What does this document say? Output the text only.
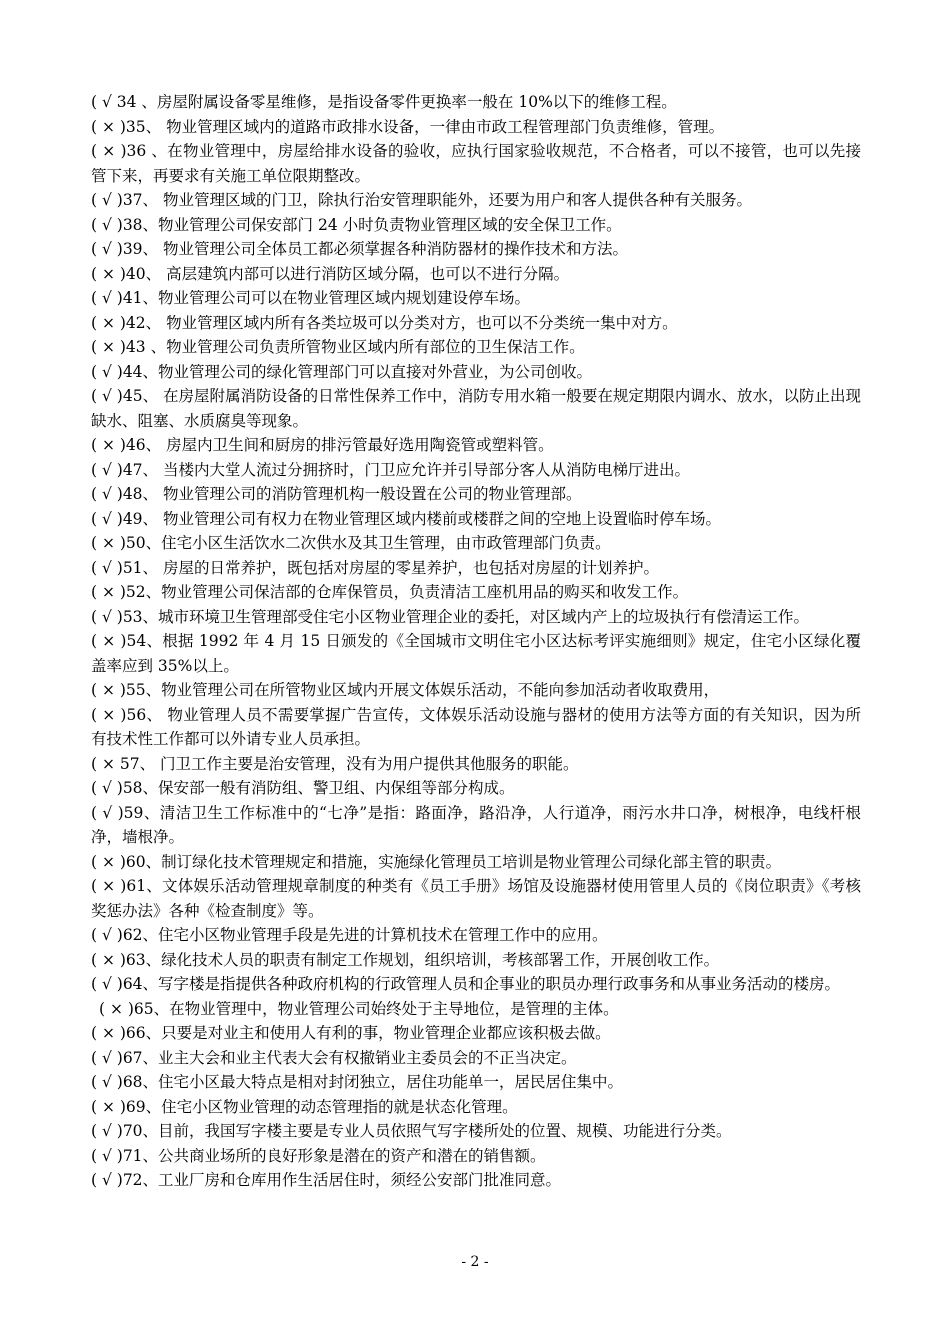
( √ 34 、房屋附属设备零星维修，是指设备零件更换率一般在 10%以下的维修工程。

( × )35、 物业管理区域内的道路市政排水设备，一律由市政工程管理部门负责维修，管理。

( × )36 、在物业管理中，房屋给排水设备的验收，应执行国家验收规范，不合格者，可以不接管，也可以先接管下来，再要求有关施工单位限期整改。

( √ )37、 物业管理区域的门卫，除执行治安管理职能外，还要为用户和客人提供各种有关服务。

( √ )38、物业管理公司保安部门 24 小时负责物业管理区域的安全保卫工作。

( √ )39、 物业管理公司全体员工都必须掌握各种消防器材的操作技术和方法。

( × )40、 高层建筑内部可以进行消防区域分隔，也可以不进行分隔。

( √ )41、物业管理公司可以在物业管理区域内规划建设停车场。

( × )42、 物业管理区域内所有各类垃圾可以分类对方，也可以不分类统一集中对方。

( × )43 、物业管理公司负责所管物业区域内所有部位的卫生保洁工作。

( √ )44、物业管理公司的绿化管理部门可以直接对外营业，为公司创收。

( √ )45、 在房屋附属消防设备的日常性保养工作中，消防专用水箱一般要在规定期限内调水、放水，以防止出现缺水、阻塞、水质腐臭等现象。

( × )46、 房屋内卫生间和厨房的排污管最好选用陶瓷管或塑料管。

( √ )47、 当楼内大堂人流过分拥挤时，门卫应允许并引导部分客人从消防电梯厅进出。

( √ )48、 物业管理公司的消防管理机构一般设置在公司的物业管理部。

( √ )49、 物业管理公司有权力在物业管理区域内楼前或楼群之间的空地上设置临时停车场。

( × )50、住宅小区生活饮水二次供水及其卫生管理，由市政管理部门负责。

( √ )51、 房屋的日常养护，既包括对房屋的零星养护，也包括对房屋的计划养护。

( × )52、物业管理公司保洁部的仓库保管员，负责清洁工座机用品的购买和收发工作。

( √ )53、城市环境卫生管理部受住宅小区物业管理企业的委托，对区域内产上的垃圾执行有偿清运工作。

( × )54、根据 1992 年 4 月 15 日颁发的《全国城市文明住宅小区达标考评实施细则》规定，住宅小区绿化覆盖率应到 35%以上。

( × )55、物业管理公司在所管物业区域内开展文体娱乐活动，不能向参加活动者收取费用，

( × )56、 物业管理人员不需要掌握广告宣传，文体娱乐活动设施与器材的使用方法等方面的有关知识，因为所有技术性工作都可以外请专业人员承担。

( × 57、 门卫工作主要是治安管理，没有为用户提供其他服务的职能。

( √ )58、保安部一般有消防组、警卫组、内保组等部分构成。

( √ )59、清洁卫生工作标准中的“七净”是指：路面净，路沿净，人行道净，雨污水井口净，树根净，电线杆根净，墙根净。

( × )60、制订绿化技术管理规定和措施，实施绿化管理员工培训是物业管理公司绿化部主管的职责。

( × )61、文体娱乐活动管理规章制度的种类有《员工手册》场馆及设施器材使用管里人员的《岗位职责》《考核奖惩办法》各种《检查制度》等。

( √ )62、住宅小区物业管理手段是先进的计算机技术在管理工作中的应用。

( × )63、绿化技术人员的职责有制定工作规划，组织培训，考核部署工作，开展创收工作。

( √ )64、写字楼是指提供各种政府机构的行政管理人员和企事业的职员办理行政事务和从事业务活动的楼房。

( × )65、在物业管理中，物业管理公司始终处于主导地位，是管理的主体。

( × )66、只要是对业主和使用人有利的事，物业管理企业都应该积极去做。

( √ )67、业主大会和业主代表大会有权撤销业主委员会的不正当决定。

( √ )68、住宅小区最大特点是相对封闭独立，居住功能单一，居民居住集中。

( × )69、住宅小区物业管理的动态管理指的就是状态化管理。

( √ )70、目前，我国写字楼主要是专业人员依照气写字楼所处的位置、规模、功能进行分类。

( √ )71、公共商业场所的良好形象是潜在的资产和潜在的销售额。

( √ )72、工业厂房和仓库用作生活居住时，须经公安部门批准同意。

- 2 -
